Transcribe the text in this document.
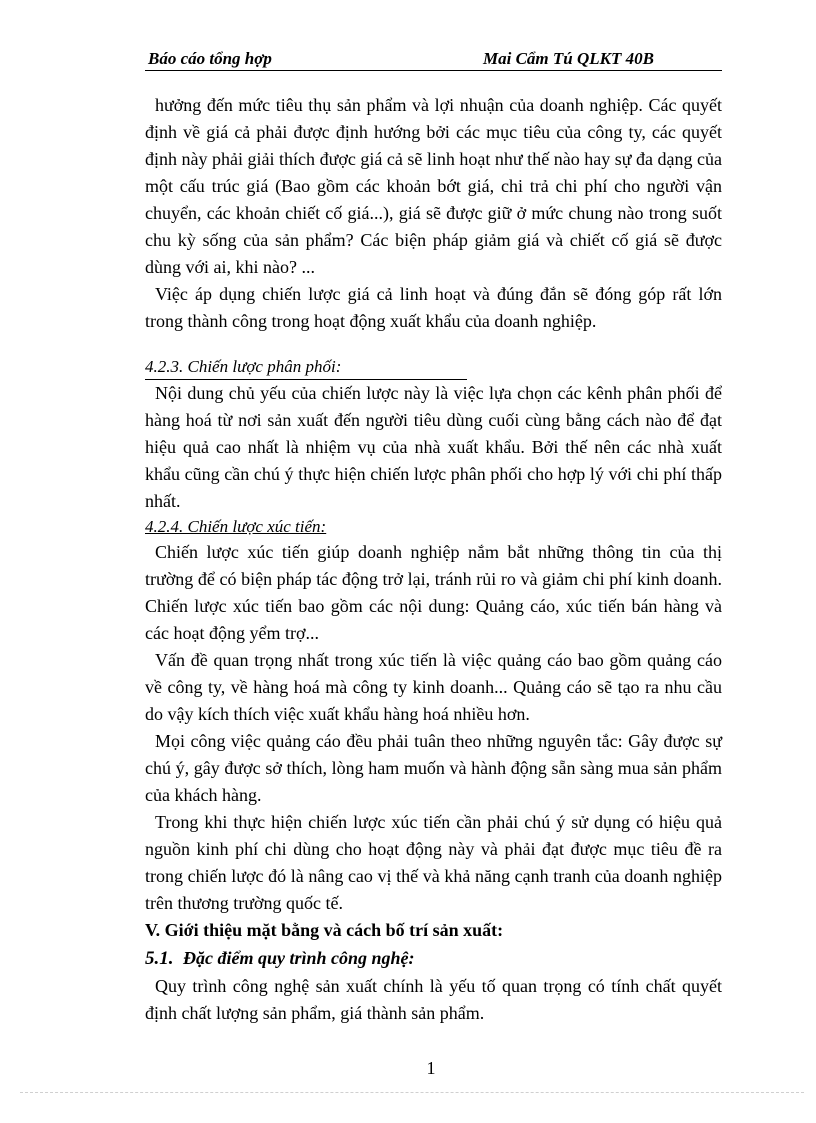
Báo cáo tổng hợp	Mai Cẩm Tú QLKT 40B

hưởng đến mức tiêu thụ sản phẩm và lợi nhuận của doanh nghiệp. Các quyết định về giá cả phải được định hướng bởi các mục tiêu của công ty, các quyết định này phải giải thích được giá cả sẽ linh hoạt như thế nào hay sự đa dạng của một cấu trúc giá (Bao gồm các khoản bớt giá, chi trả chi phí cho người vận chuyển, các khoản chiết cố giá...), giá sẽ được giữ ở mức chung nào trong suốt chu kỳ sống của sản phẩm? Các biện pháp giảm giá và chiết cố giá sẽ được dùng với ai, khi nào? ...

Việc áp dụng chiến lược giá cả linh hoạt và đúng đắn sẽ đóng góp rất lớn trong thành công trong hoạt động xuất khẩu của doanh nghiệp.

4.2.3. Chiến lược phân phối:

Nội dung chủ yếu của chiến lược này là việc lựa chọn các kênh phân phối để hàng hoá từ nơi sản xuất đến người tiêu dùng cuối cùng bằng cách nào để đạt hiệu quả cao nhất là nhiệm vụ của nhà xuất khẩu. Bởi thế nên các nhà xuất khẩu cũng cần chú ý thực hiện chiến lược phân phối cho hợp lý với chi phí thấp nhất.

4.2.4. Chiến lược xúc tiến:

Chiến lược xúc tiến giúp doanh nghiệp nắm bắt những thông tin của thị trường để có biện pháp tác động trở lại, tránh rủi ro và giảm chi phí kinh doanh. Chiến lược xúc tiến bao gồm các nội dung: Quảng cáo, xúc tiến bán hàng và các hoạt động yểm trợ...

Vấn đề quan trọng nhất trong xúc tiến là việc quảng cáo bao gồm quảng cáo về công ty, về hàng hoá mà công ty kinh doanh... Quảng cáo sẽ tạo ra nhu cầu do vậy kích thích việc xuất khẩu hàng hoá nhiều hơn.

Mọi công việc quảng cáo đều phải tuân theo những nguyên tắc: Gây được sự chú ý, gây được sở thích, lòng ham muốn và hành động sẵn sàng mua sản phẩm của khách hàng.

Trong khi thực hiện chiến lược xúc tiến cần phải chú ý sử dụng có hiệu quả nguồn kinh phí chi dùng cho hoạt động này và phải đạt được mục tiêu đề ra trong chiến lược đó là nâng cao vị thế và khả năng cạnh tranh của doanh nghiệp trên thương trường quốc tế.

V. Giới thiệu mặt bằng và cách bố trí sản xuất:

5.1. Đặc điểm quy trình công nghệ:

Quy trình công nghệ sản xuất chính là yếu tố quan trọng có tính chất quyết định chất lượng sản phẩm, giá thành sản phẩm.

1
